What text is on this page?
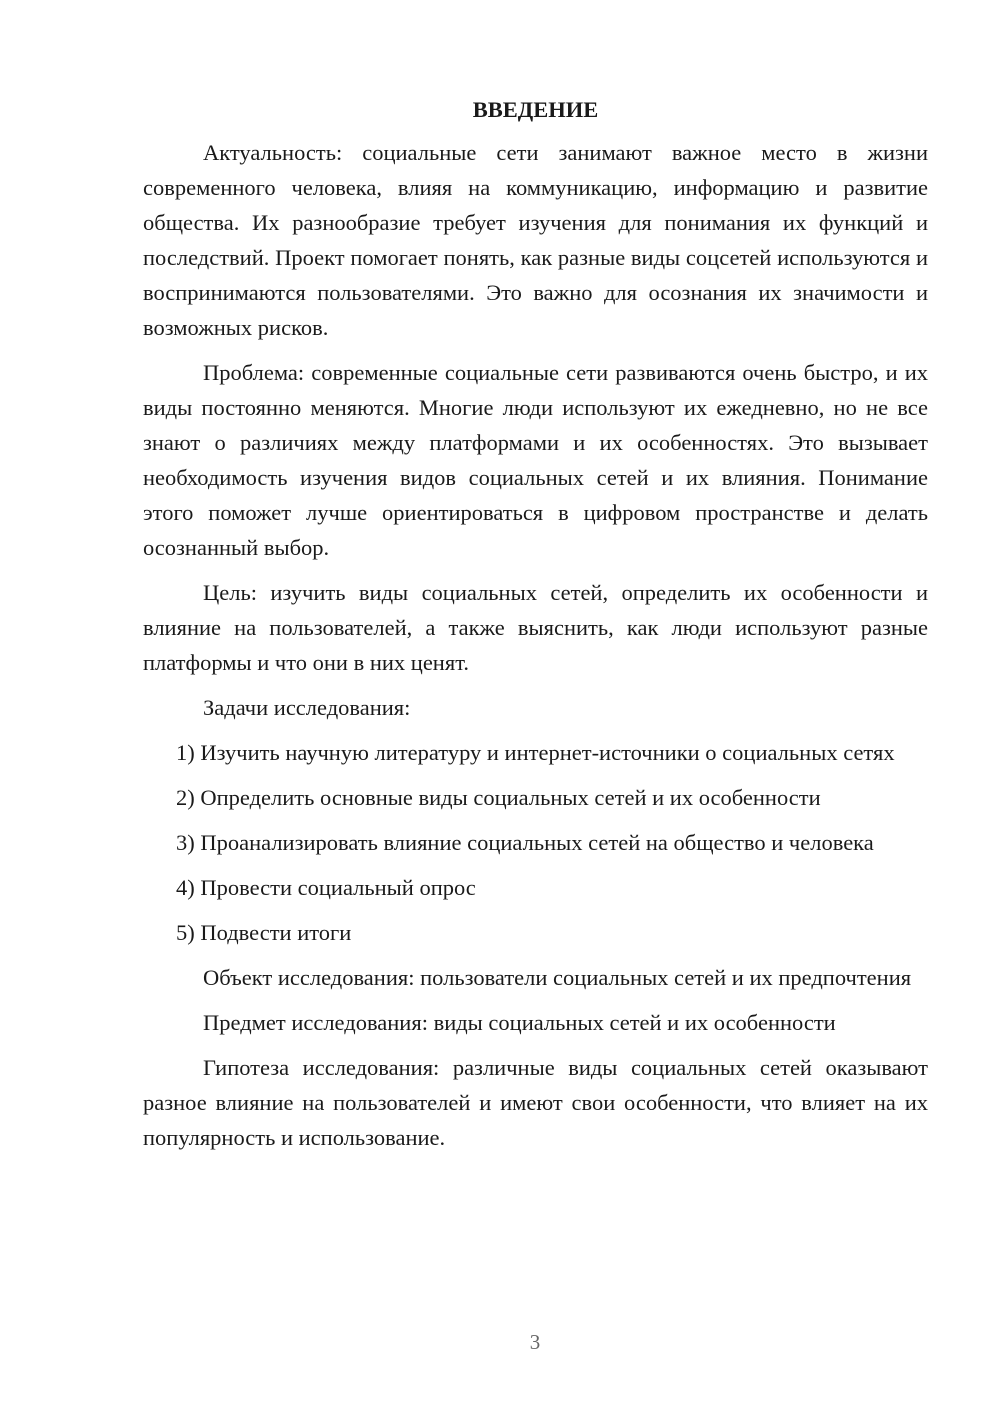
ВВЕДЕНИЕ

Актуальность: социальные сети занимают важное место в жизни современного человека, влияя на коммуникацию, информацию и развитие общества. Их разнообразие требует изучения для понимания их функций и последствий. Проект помогает понять, как разные виды соцсетей используются и воспринимаются пользователями. Это важно для осознания их значимости и возможных рисков.

Проблема: современные социальные сети развиваются очень быстро, и их виды постоянно меняются. Многие люди используют их ежедневно, но не все знают о различиях между платформами и их особенностях. Это вызывает необходимость изучения видов социальных сетей и их влияния. Понимание этого поможет лучше ориентироваться в цифровом пространстве и делать осознанный выбор.

Цель: изучить виды социальных сетей, определить их особенности и влияние на пользователей, а также выяснить, как люди используют разные платформы и что они в них ценят.

Задачи исследования:

1) Изучить научную литературу и интернет-источники о социальных сетях

2) Определить основные виды социальных сетей и их особенности

3) Проанализировать влияние социальных сетей на общество и человека

4) Провести социальный опрос

5) Подвести итоги

Объект исследования: пользователи социальных сетей и их предпочтения

Предмет исследования: виды социальных сетей и их особенности

Гипотеза исследования: различные виды социальных сетей оказывают разное влияние на пользователей и имеют свои особенности, что влияет на их популярность и использование.

3
